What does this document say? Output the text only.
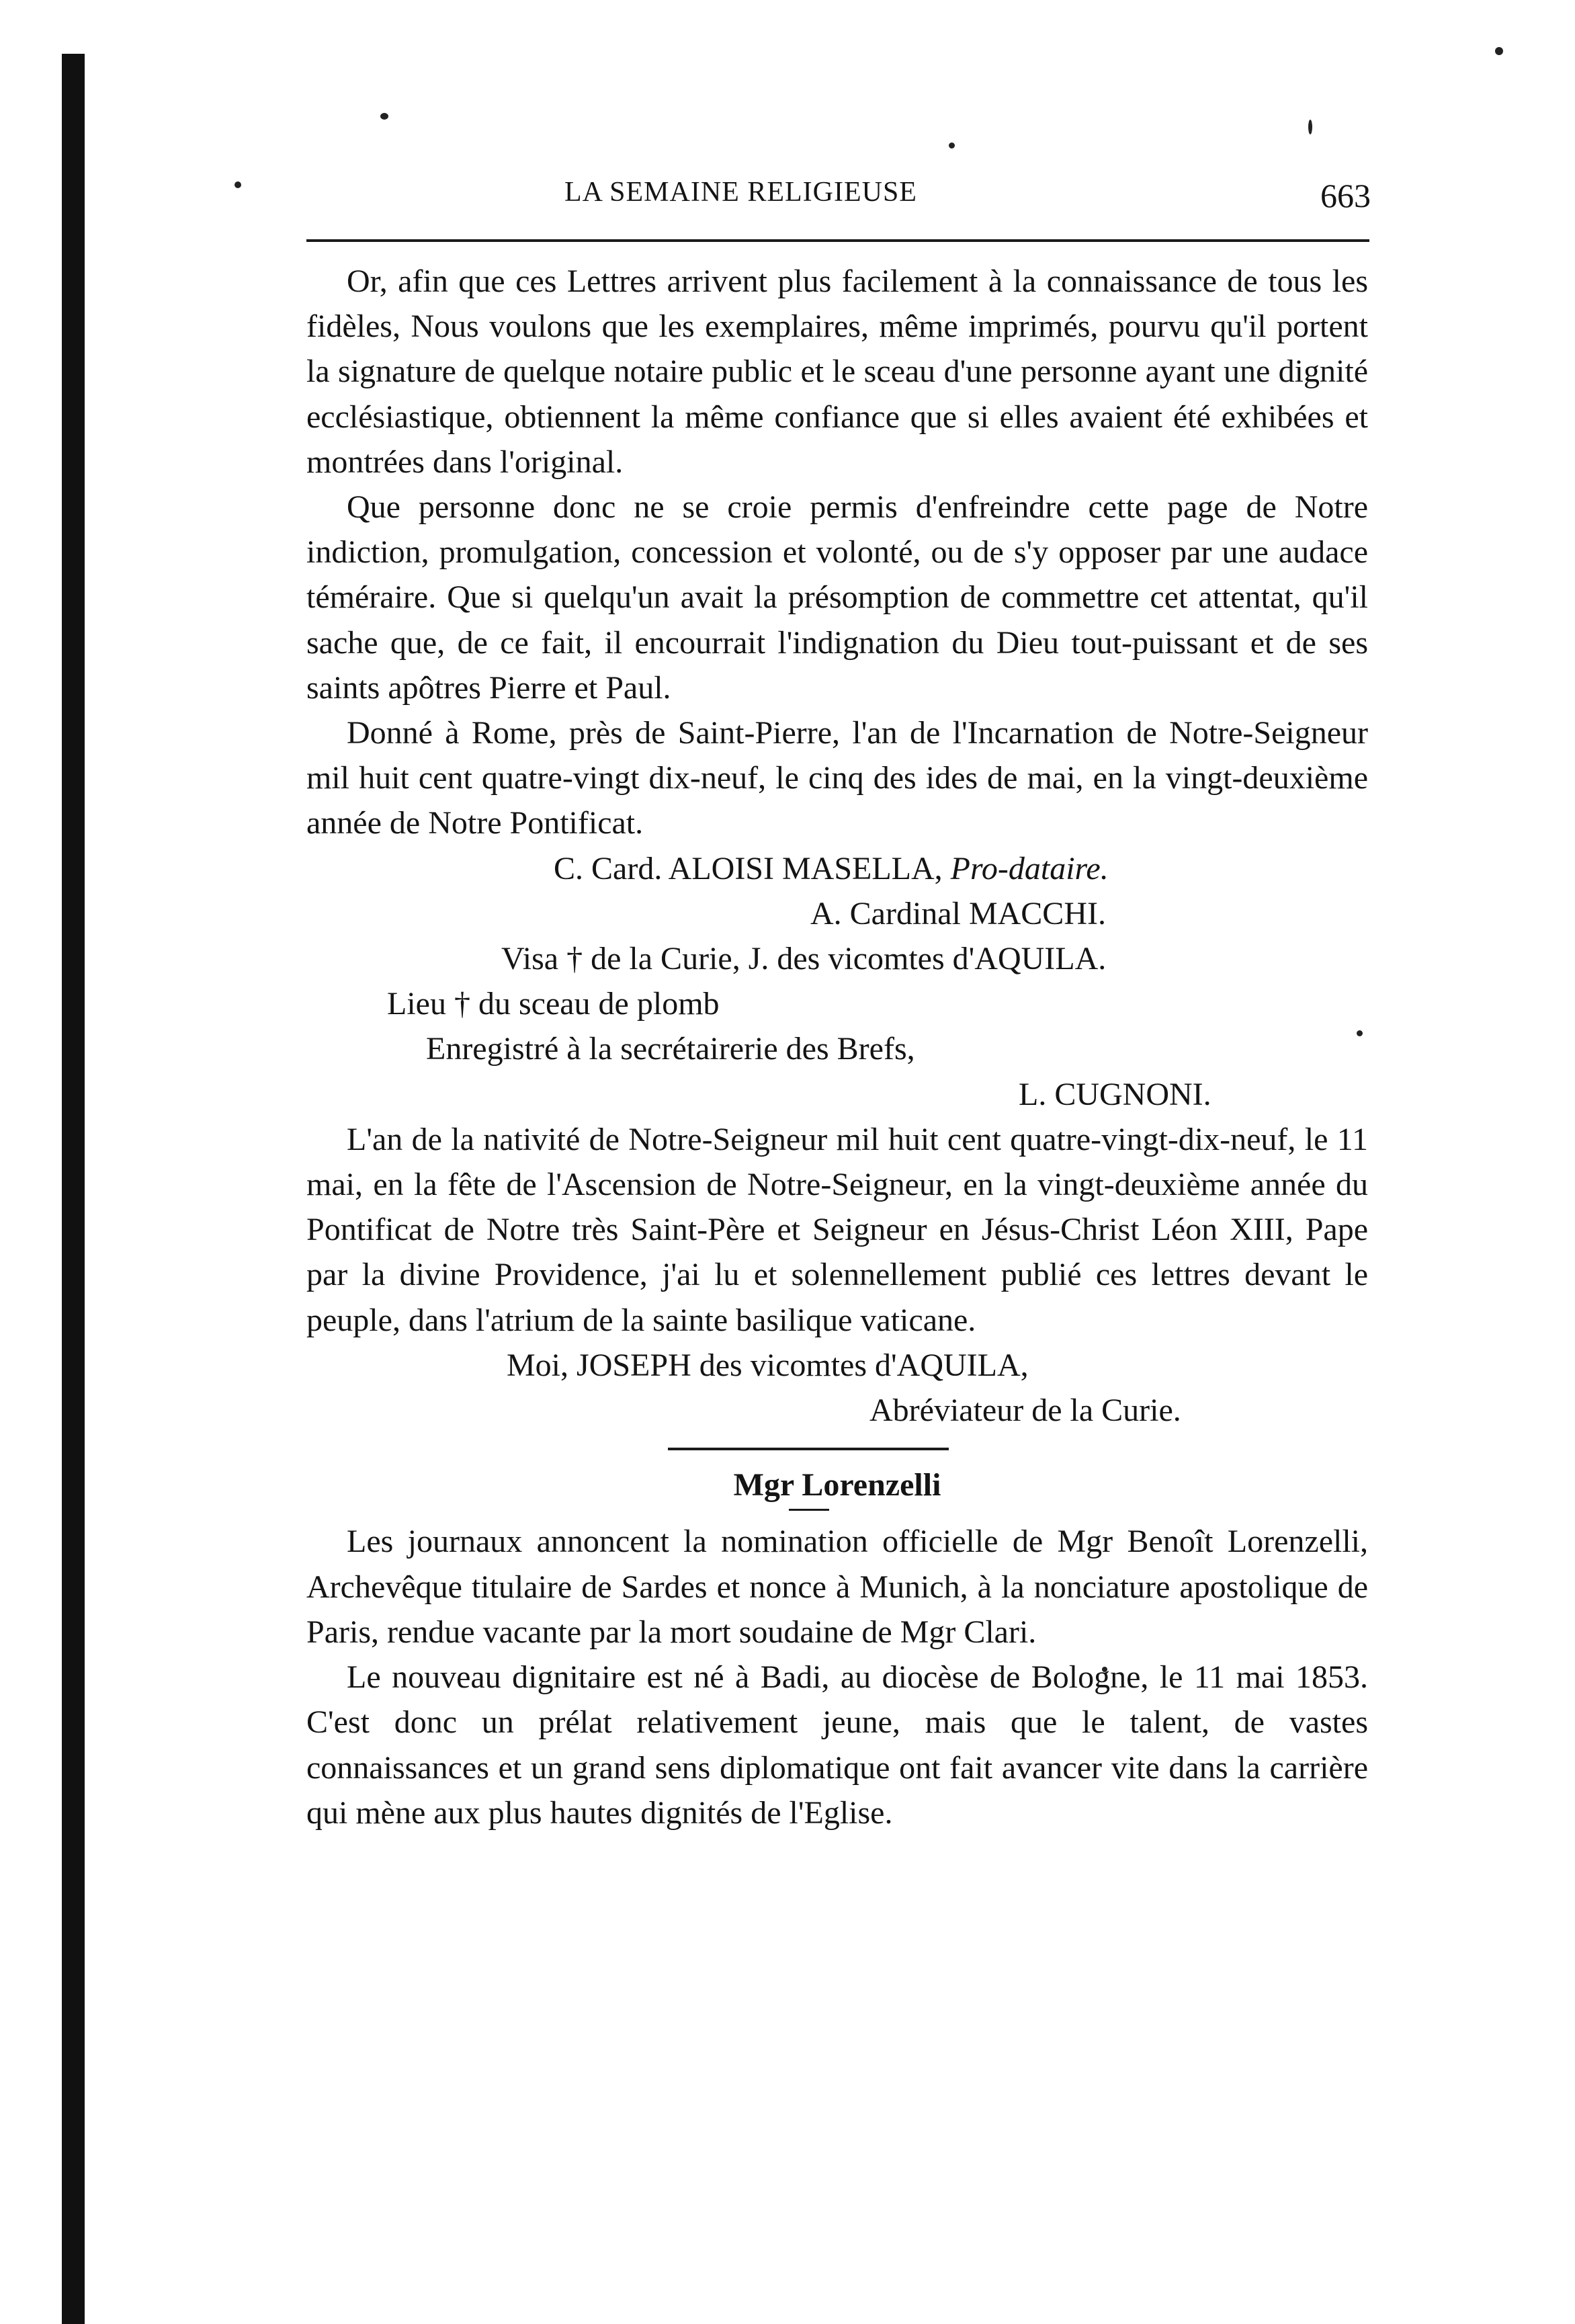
LA SEMAINE RELIGIEUSE	663

Or, afin que ces Lettres arrivent plus facilement à la connaissance de tous les fidèles, Nous voulons que les exemplaires, même imprimés, pourvu qu'il portent la signature de quelque notaire public et le sceau d'une personne ayant une dignité ecclésiastique, obtiennent la même confiance que si elles avaient été exhibées et montrées dans l'original.

Que personne donc ne se croie permis d'enfreindre cette page de Notre indiction, promulgation, concession et volonté, ou de s'y opposer par une audace téméraire. Que si quelqu'un avait la présomption de commettre cet attentat, qu'il sache que, de ce fait, il encourrait l'indignation du Dieu tout-puissant et de ses saints apôtres Pierre et Paul.

Donné à Rome, près de Saint-Pierre, l'an de l'Incarnation de Notre-Seigneur mil huit cent quatre-vingt dix-neuf, le cinq des ides de mai, en la vingt-deuxième année de Notre Pontificat.

C. Card. ALOISI MASELLA, Pro-dataire.

A. Cardinal MACCHI.

Visa † de la Curie, J. des vicomtes d'AQUILA.

Lieu † du sceau de plomb

Enregistré à la secrétairerie des Brefs,

L. CUGNONI.

L'an de la nativité de Notre-Seigneur mil huit cent quatre-vingt-dix-neuf, le 11 mai, en la fête de l'Ascension de Notre-Seigneur, en la vingt-deuxième année du Pontificat de Notre très Saint-Père et Seigneur en Jésus-Christ Léon XIII, Pape par la divine Providence, j'ai lu et solennellement publié ces lettres devant le peuple, dans l'atrium de la sainte basilique vaticane.

Moi, JOSEPH des vicomtes d'AQUILA,

Abréviateur de la Curie.

Mgr Lorenzelli

Les journaux annoncent la nomination officielle de Mgr Benoît Lorenzelli, Archevêque titulaire de Sardes et nonce à Munich, à la nonciature apostolique de Paris, rendue vacante par la mort soudaine de Mgr Clari.

Le nouveau dignitaire est né à Badi, au diocèse de Bologne, le 11 mai 1853. C'est donc un prélat relativement jeune, mais que le talent, de vastes connaissances et un grand sens diplomatique ont fait avancer vite dans la carrière qui mène aux plus hautes dignités de l'Eglise.
